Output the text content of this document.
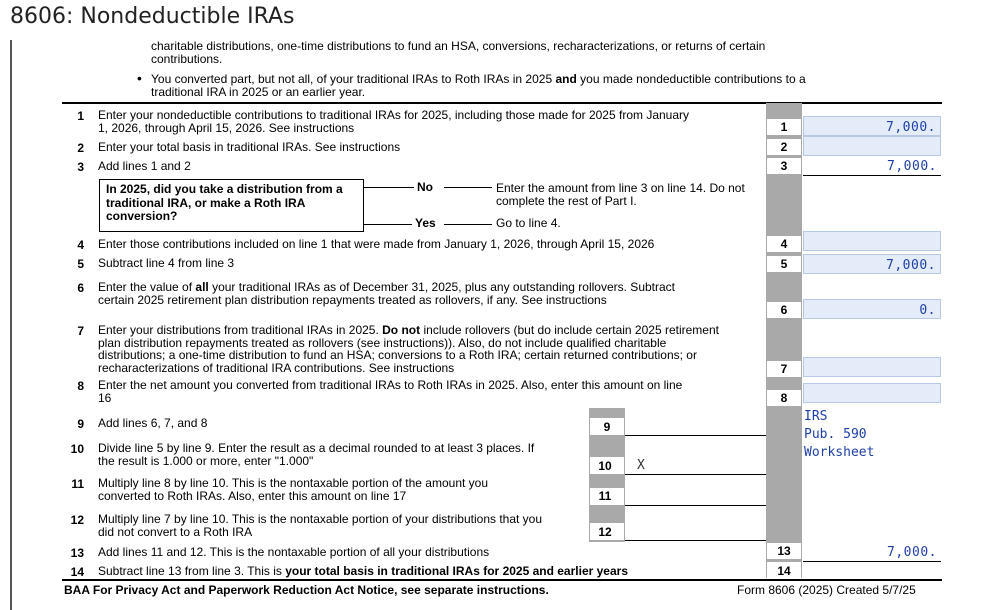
8606: Nondeductible IRAs
charitable distributions, one-time distributions to fund an HSA, conversions, recharacterizations, or returns of certain contributions.
• You converted part, but not all, of your traditional IRAs to Roth IRAs in 2025 and you made nondeductible contributions to a traditional IRA in 2025 or an earlier year.
1 Enter your nondeductible contributions to traditional IRAs for 2025, including those made for 2025 from January 1, 2026, through April 15, 2026. See instructions	1	7,000.
2 Enter your total basis in traditional IRAs. See instructions	2
3 Add lines 1 and 2	3	7,000.
In 2025, did you take a distribution from a traditional IRA, or make a Roth IRA conversion?
No	Enter the amount from line 3 on line 14. Do not complete the rest of Part I.
Yes	Go to line 4.
4 Enter those contributions included on line 1 that were made from January 1, 2026, through April 15, 2026	4
5 Subtract line 4 from line 3	5	7,000.
6 Enter the value of all your traditional IRAs as of December 31, 2025, plus any outstanding rollovers. Subtract certain 2025 retirement plan distribution repayments treated as rollovers, if any. See instructions
6	0.
7 Enter your distributions from traditional IRAs in 2025. Do not include rollovers (but do include certain 2025 retirement plan distribution repayments treated as rollovers (see instructions)). Also, do not include qualified charitable distributions; a one-time distribution to fund an HSA; conversions to a Roth IRA; certain returned contributions; or recharacterizations of traditional IRA contributions. See instructions	7
8 Enter the net amount you converted from traditional IRAs to Roth IRAs in 2025. Also, enter this amount on line 16	8
IRS
Pub. 590
Worksheet
9 Add lines 6, 7, and 8	9
10 Divide line 5 by line 9. Enter the result as a decimal rounded to at least 3 places. If the result is 1.000 or more, enter "1.000"	10	X
11 Multiply line 8 by line 10. This is the nontaxable portion of the amount you converted to Roth IRAs. Also, enter this amount on line 17	11
12 Multiply line 7 by line 10. This is the nontaxable portion of your distributions that you did not convert to a Roth IRA	12
13 Add lines 11 and 12. This is the nontaxable portion of all your distributions	13	7,000.
14 Subtract line 13 from line 3. This is your total basis in traditional IRAs for 2025 and earlier years	14
BAA For Privacy Act and Paperwork Reduction Act Notice, see separate instructions.	Form 8606 (2025) Created 5/7/25
